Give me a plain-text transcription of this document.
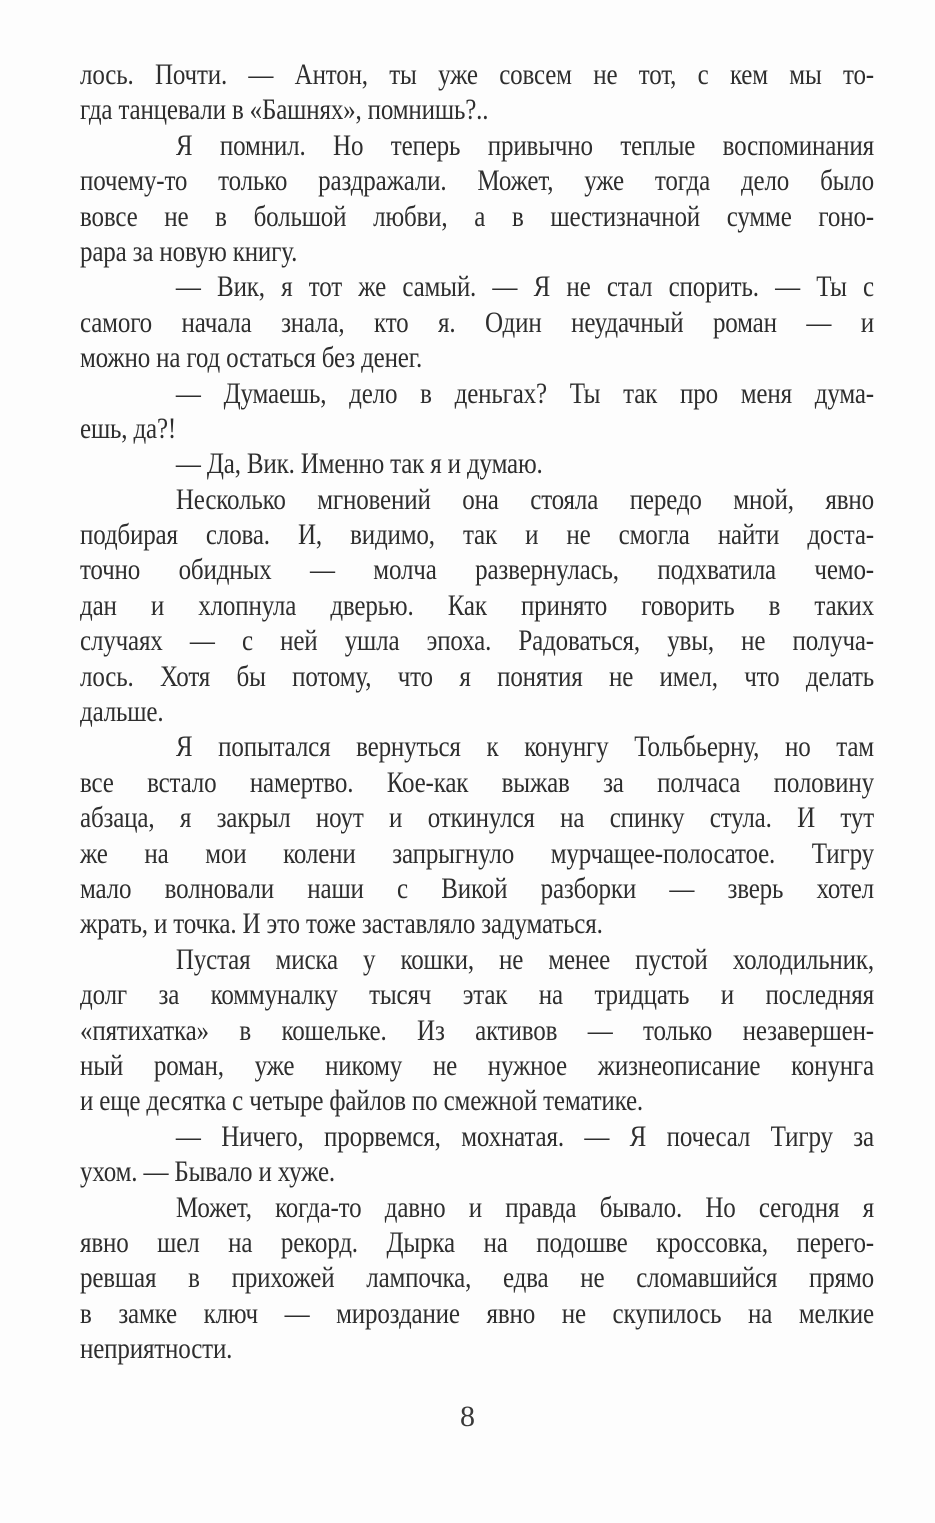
лось. Почти. — Антон, ты уже совсем не тот, с кем мы то-
гда танцевали в «Башнях», помнишь?..
Я помнил. Но теперь привычно теплые воспоминания
почему-то только раздражали. Может, уже тогда дело было
вовсе не в большой любви, а в шестизначной сумме гоно-
рара за новую книгу.
— Вик, я тот же самый. — Я не стал спорить. — Ты с
самого начала знала, кто я. Один неудачный роман — и
можно на год остаться без денег.
— Думаешь, дело в деньгах? Ты так про меня дума-
ешь, да?!
— Да, Вик. Именно так я и думаю.
Несколько мгновений она стояла передо мной, явно
подбирая слова. И, видимо, так и не смогла найти доста-
точно обидных — молча развернулась, подхватила чемо-
дан и хлопнула дверью. Как принято говорить в таких
случаях — с ней ушла эпоха. Радоваться, увы, не получа-
лось. Хотя бы потому, что я понятия не имел, что делать
дальше.
Я попытался вернуться к конунгу Тольбьерну, но там
все встало намертво. Кое-как выжав за полчаса половину
абзаца, я закрыл ноут и откинулся на спинку стула. И тут
же на мои колени запрыгнуло мурчащее-полосатое. Тигру
мало волновали наши с Викой разборки — зверь хотел
жрать, и точка. И это тоже заставляло задуматься.
Пустая миска у кошки, не менее пустой холодильник,
долг за коммуналку тысяч этак на тридцать и последняя
«пятихатка» в кошельке. Из активов — только незавершен-
ный роман, уже никому не нужное жизнеописание конунга
и еще десятка с четыре файлов по смежной тематике.
— Ничего, прорвемся, мохнатая. — Я почесал Тигру за
ухом. — Бывало и хуже.
Может, когда-то давно и правда бывало. Но сегодня я
явно шел на рекорд. Дырка на подошве кроссовка, перего-
ревшая в прихожей лампочка, едва не сломавшийся прямо
в замке ключ — мироздание явно не скупилось на мелкие
неприятности.
8
